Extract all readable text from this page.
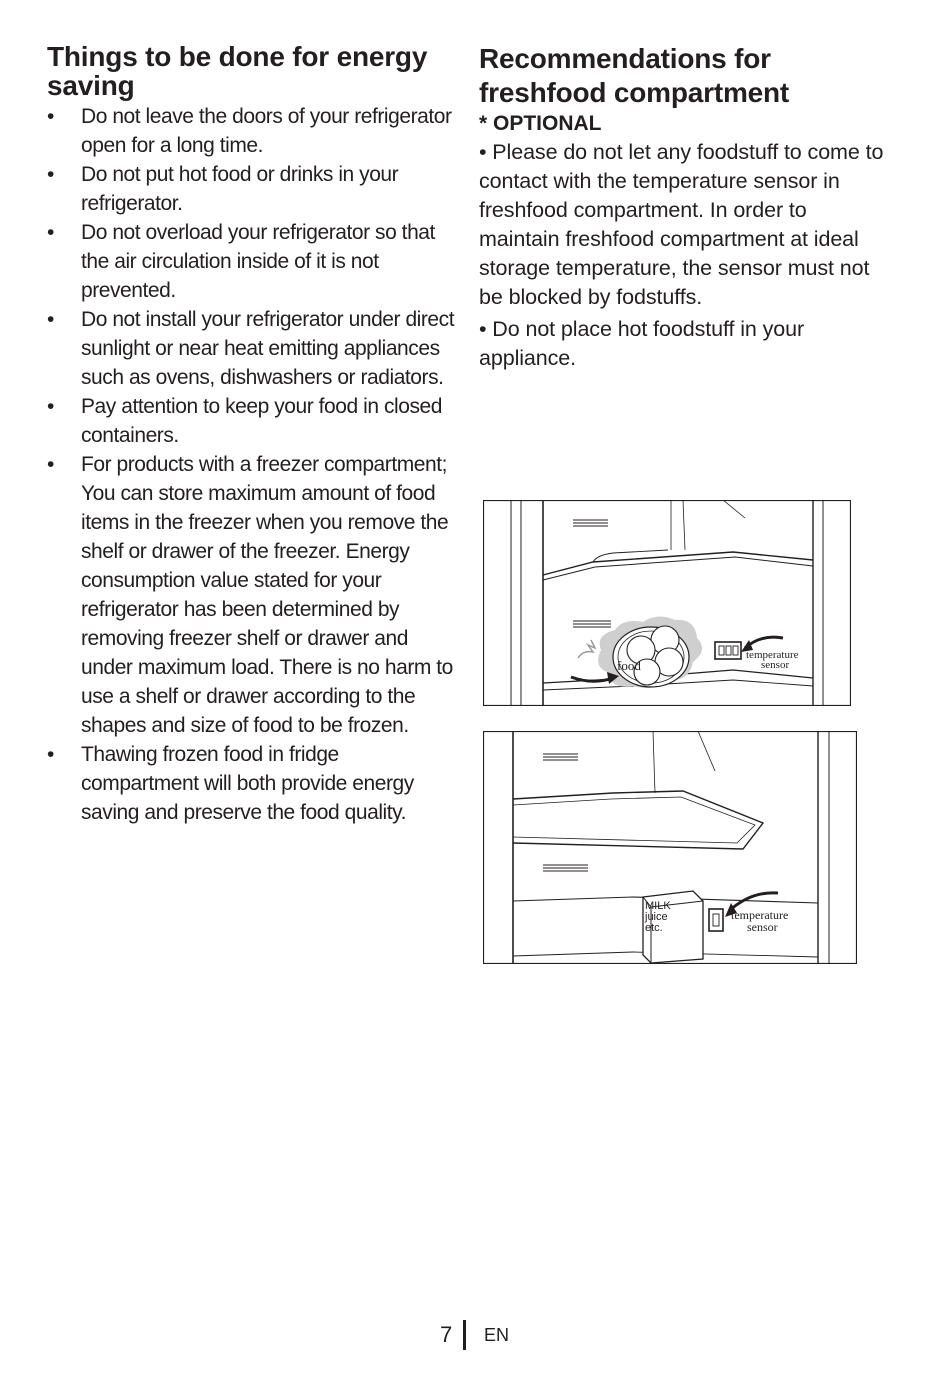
Things to be done for energy saving
• Do not leave the doors of your refrigerator open for a long time.
• Do not put hot food or drinks in your refrigerator.
• Do not overload your refrigerator so that the air circulation inside of it is not prevented.
• Do not install your refrigerator under direct sunlight or near heat emitting appliances such as ovens, dishwashers or radiators.
• Pay attention to keep your food in closed containers.
• For products with a freezer compartment; You can store maximum amount of food items in the freezer when you remove the shelf or drawer of the freezer. Energy consumption value stated for your refrigerator has been determined by removing freezer shelf or drawer and under maximum load. There is no harm to use a shelf or drawer according to the shapes and size of food to be frozen.
• Thawing frozen food in fridge compartment will both provide energy saving and preserve the food quality.
Recommendations for freshfood compartment
* OPTIONAL

• Please do not let any foodstuff to come to contact with the temperature sensor in freshfood compartment. In order to maintain freshfood compartment at ideal storage temperature, the sensor must not be blocked by fodstuffs.

• Do not place hot foodstuff in your appliance.

food
temperature
sensor
MILK
juice
etc.
temperature
sensor
7 EN
